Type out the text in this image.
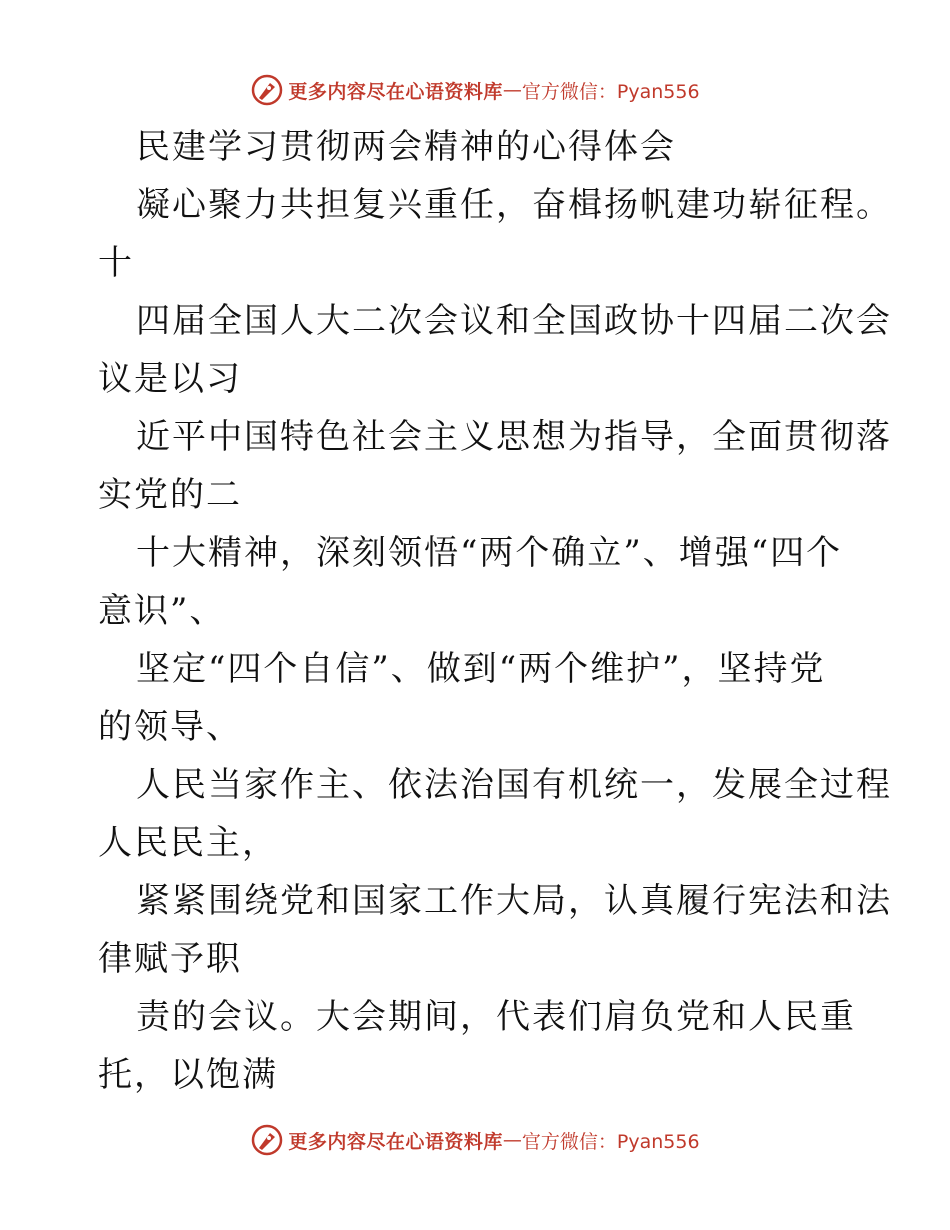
更多内容尽在心语资料库 — 官方微信：Pyan556
民建学习贯彻两会精神的心得体会
凝心聚力共担复兴重任，奋楫扬帆建功崭征程。
十
四届全国人大二次会议和全国政协十四届二次会
议是以习
近平中国特色社会主义思想为指导，全面贯彻落
实党的二
十大精神，深刻领悟“两个确立”、增强“四个
意识”、
坚定“四个自信”、做到“两个维护”，坚持党
的领导、
人民当家作主、依法治国有机统一，发展全过程
人民民主，
紧紧围绕党和国家工作大局，认真履行宪法和法
律赋予职
责的会议。大会期间，代表们肩负党和人民重
托，以饱满
更多内容尽在心语资料库 — 官方微信：Pyan556
